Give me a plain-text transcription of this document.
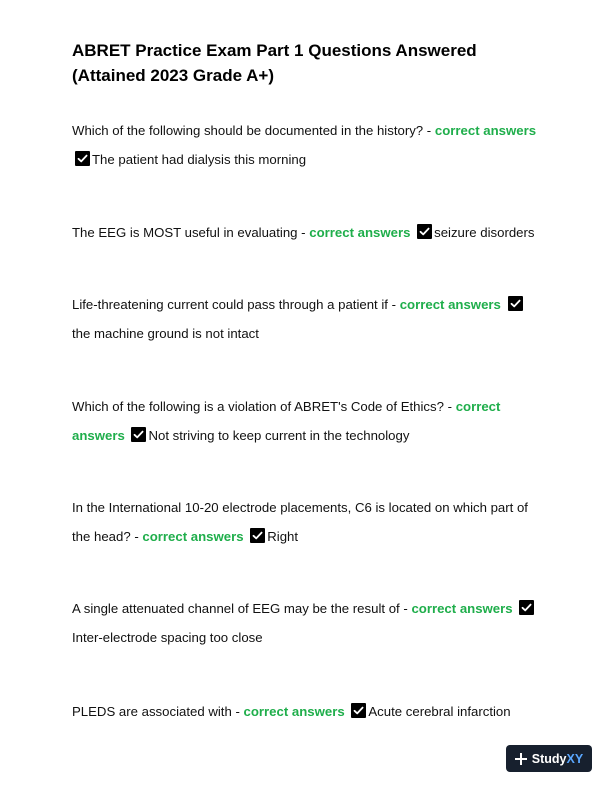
ABRET Practice Exam Part 1 Questions Answered (Attained 2023 Grade A+)

Which of the following should be documented in the history? - correct answers
The patient had dialysis this morning

The EEG is MOST useful in evaluating - correct answers seizure disorders

Life-threatening current could pass through a patient if - correct answers
the machine ground is not intact

Which of the following is a violation of ABRET's Code of Ethics? - correct answers Not striving to keep current in the technology

In the International 10-20 electrode placements, C6 is located on which part of the head? - correct answers Right

A single attenuated channel of EEG may be the result of - correct answers
Inter-electrode spacing too close

PLEDS are associated with - correct answers Acute cerebral infarction

Study XY
